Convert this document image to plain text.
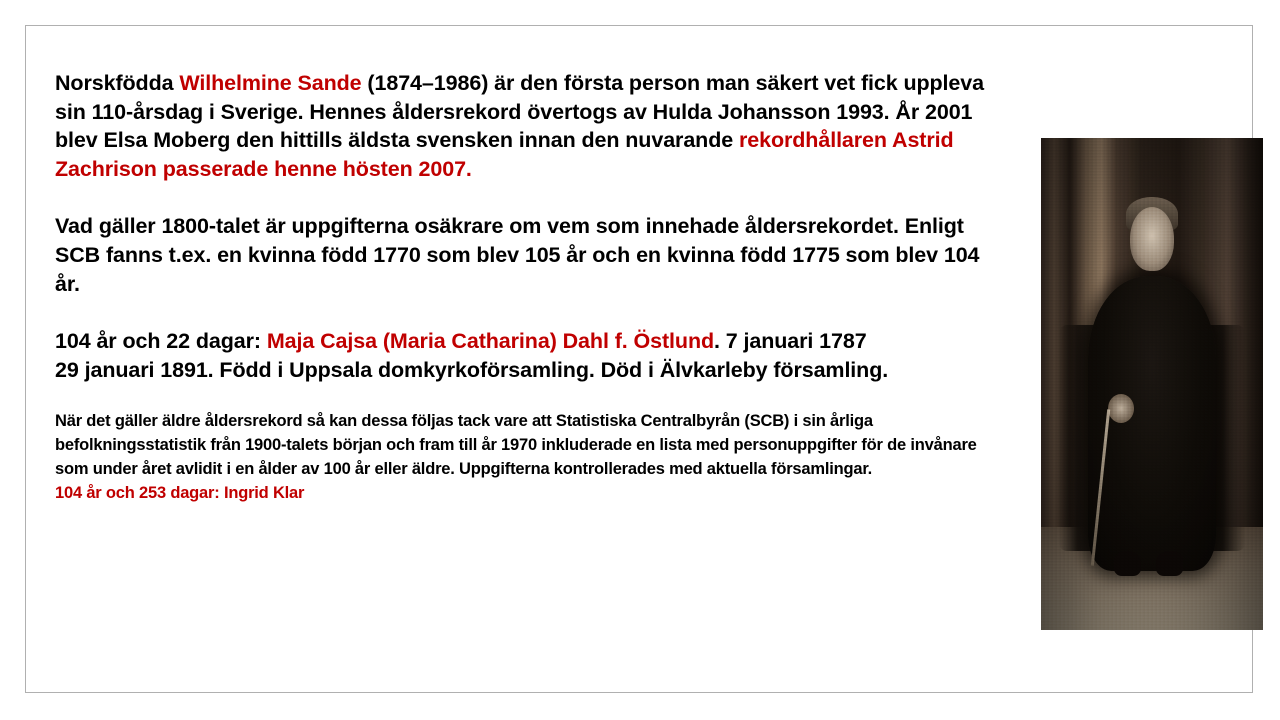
Norskfödda Wilhelmine Sande (1874–1986) är den första person man säkert vet fick uppleva sin 110-årsdag i Sverige. Hennes åldersrekord övertogs av Hulda Johansson 1993. År 2001 blev Elsa Moberg den hittills äldsta svensken innan den nuvarande rekordhållaren Astrid Zachrison passerade henne hösten 2007.

Vad gäller 1800-talet är uppgifterna osäkrare om vem som innehade åldersrekordet. Enligt SCB fanns t.ex. en kvinna född 1770 som blev 105 år och en kvinna född 1775 som blev 104 år.

104 år och 22 dagar: Maja Cajsa (Maria Catharina) Dahl f. Östlund. 7 januari 1787
29 januari 1891. Född i Uppsala domkyrkoförsamling. Död i Älvkarleby församling.

När det gäller äldre åldersrekord så kan dessa följas tack vare att Statistiska Centralbyrån (SCB) i sin årliga befolkningsstatistik från 1900-talets början och fram till år 1970 inkluderade en lista med personuppgifter för de invånare som under året avlidit i en ålder av 100 år eller äldre. Uppgifterna kontrollerades med aktuella församlingar.
104 år och 253 dagar: Ingrid Klar
